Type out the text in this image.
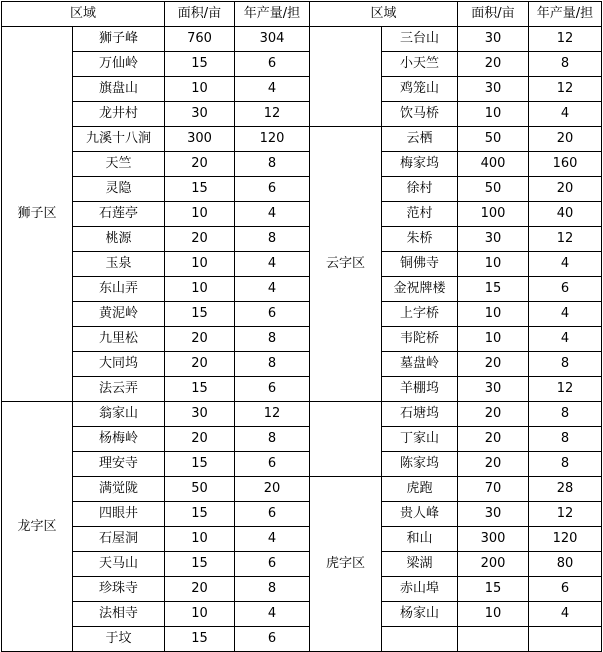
区域		面积/亩	年产量/担	区域		面积/亩	年产量/担
狮子区	狮子峰	760	304		三台山	30	12
	万仙岭	15	6		小天竺	20	8
	旗盘山	10	4		鸡笼山	30	12
	龙井村	30	12		饮马桥	10	4
	九溪十八涧	300	120	云字区	云栖	50	20
	天竺	20	8		梅家坞	400	160
	灵隐	15	6		徐村	50	20
	石莲亭	10	4		范村	100	40
	桃源	20	8		朱桥	30	12
	玉泉	10	4		铜佛寺	10	4
	东山弄	10	4		金祝牌楼	15	6
	黄泥岭	15	6		上字桥	10	4
	九里松	20	8		韦陀桥	10	4
	大同坞	20	8		墓盘岭	20	8
	法云弄	15	6		羊棚坞	30	12
龙字区	翁家山	30	12		石塘坞	20	8
	杨梅岭	20	8		丁家山	20	8
	理安寺	15	6		陈家坞	20	8
	满觉陇	50	20	虎字区	虎跑	70	28
	四眼井	15	6		贵人峰	30	12
	石屋洞	10	4		和山	300	120
	天马山	15	6		梁湖	200	80
	珍珠寺	20	8		赤山埠	15	6
	法相寺	10	4		杨家山	10	4
	于坟	15	6				
